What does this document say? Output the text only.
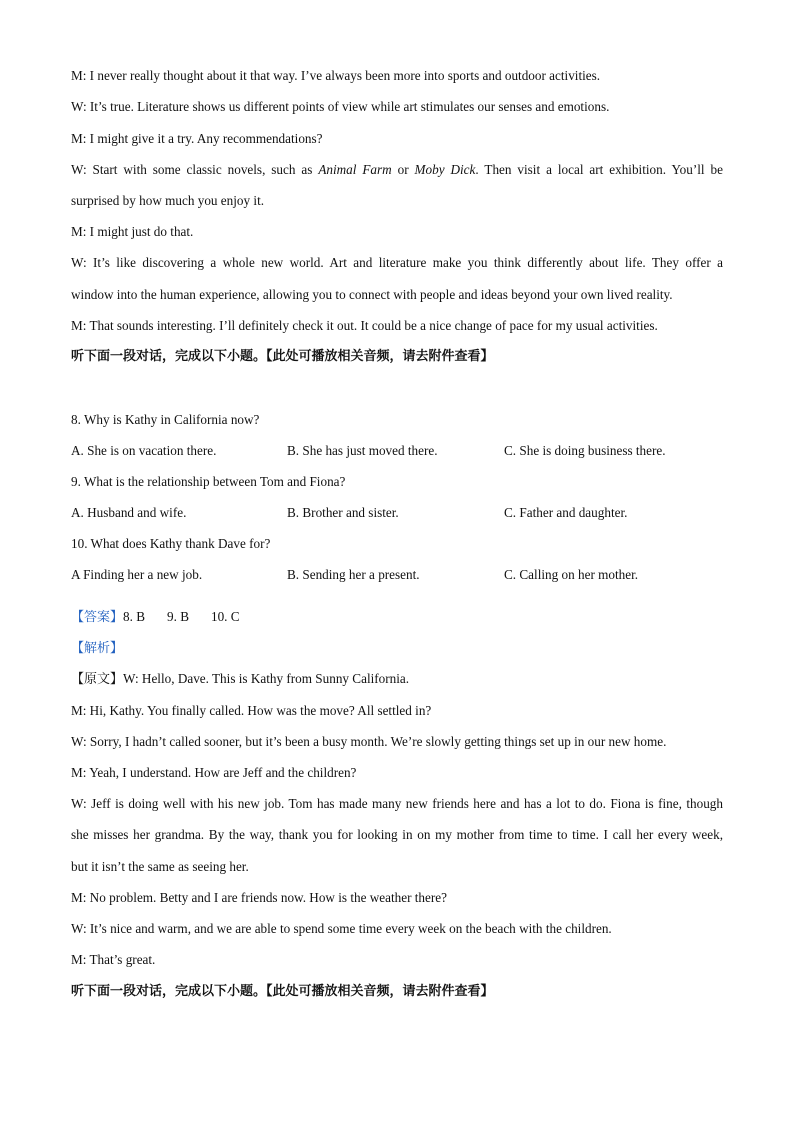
M: I never really thought about it that way. I’ve always been more into sports and outdoor activities.
W: It’s true. Literature shows us different points of view while art stimulates our senses and emotions.
M: I might give it a try. Any recommendations?
W: Start with some classic novels, such as Animal Farm or Moby Dick. Then visit a local art exhibition. You’ll be
surprised by how much you enjoy it.
M: I might just do that.
W: It’s like discovering a whole new world. Art and literature make you think differently about life. They offer a
window into the human experience, allowing you to connect with people and ideas beyond your own lived reality.
M: That sounds interesting. I’ll definitely check it out. It could be a nice change of pace for my usual activities.
听下面一段对话，完成以下小题。【此处可播放相关音频，请去附件查看】
8. Why is Kathy in California now?
A. She is on vacation there.	B. She has just moved there.	C. She is doing business there.
9. What is the relationship between Tom and Fiona?
A. Husband and wife.	B. Brother and sister.	C. Father and daughter.
10. What does Kathy thank Dave for?
A Finding her a new job.	B. Sending her a present.	C. Calling on her mother.
【答案】8. B 9. B 10. C
【解析】
【原文】W: Hello, Dave. This is Kathy from Sunny California.
M: Hi, Kathy. You finally called. How was the move? All settled in?
W: Sorry, I hadn’t called sooner, but it’s been a busy month. We’re slowly getting things set up in our new home.
M: Yeah, I understand. How are Jeff and the children?
W: Jeff is doing well with his new job. Tom has made many new friends here and has a lot to do. Fiona is fine, though
she misses her grandma. By the way, thank you for looking in on my mother from time to time. I call her every week,
but it isn’t the same as seeing her.
M: No problem. Betty and I are friends now. How is the weather there?
W: It’s nice and warm, and we are able to spend some time every week on the beach with the children.
M: That’s great.
听下面一段对话，完成以下小题。【此处可播放相关音频，请去附件查看】
